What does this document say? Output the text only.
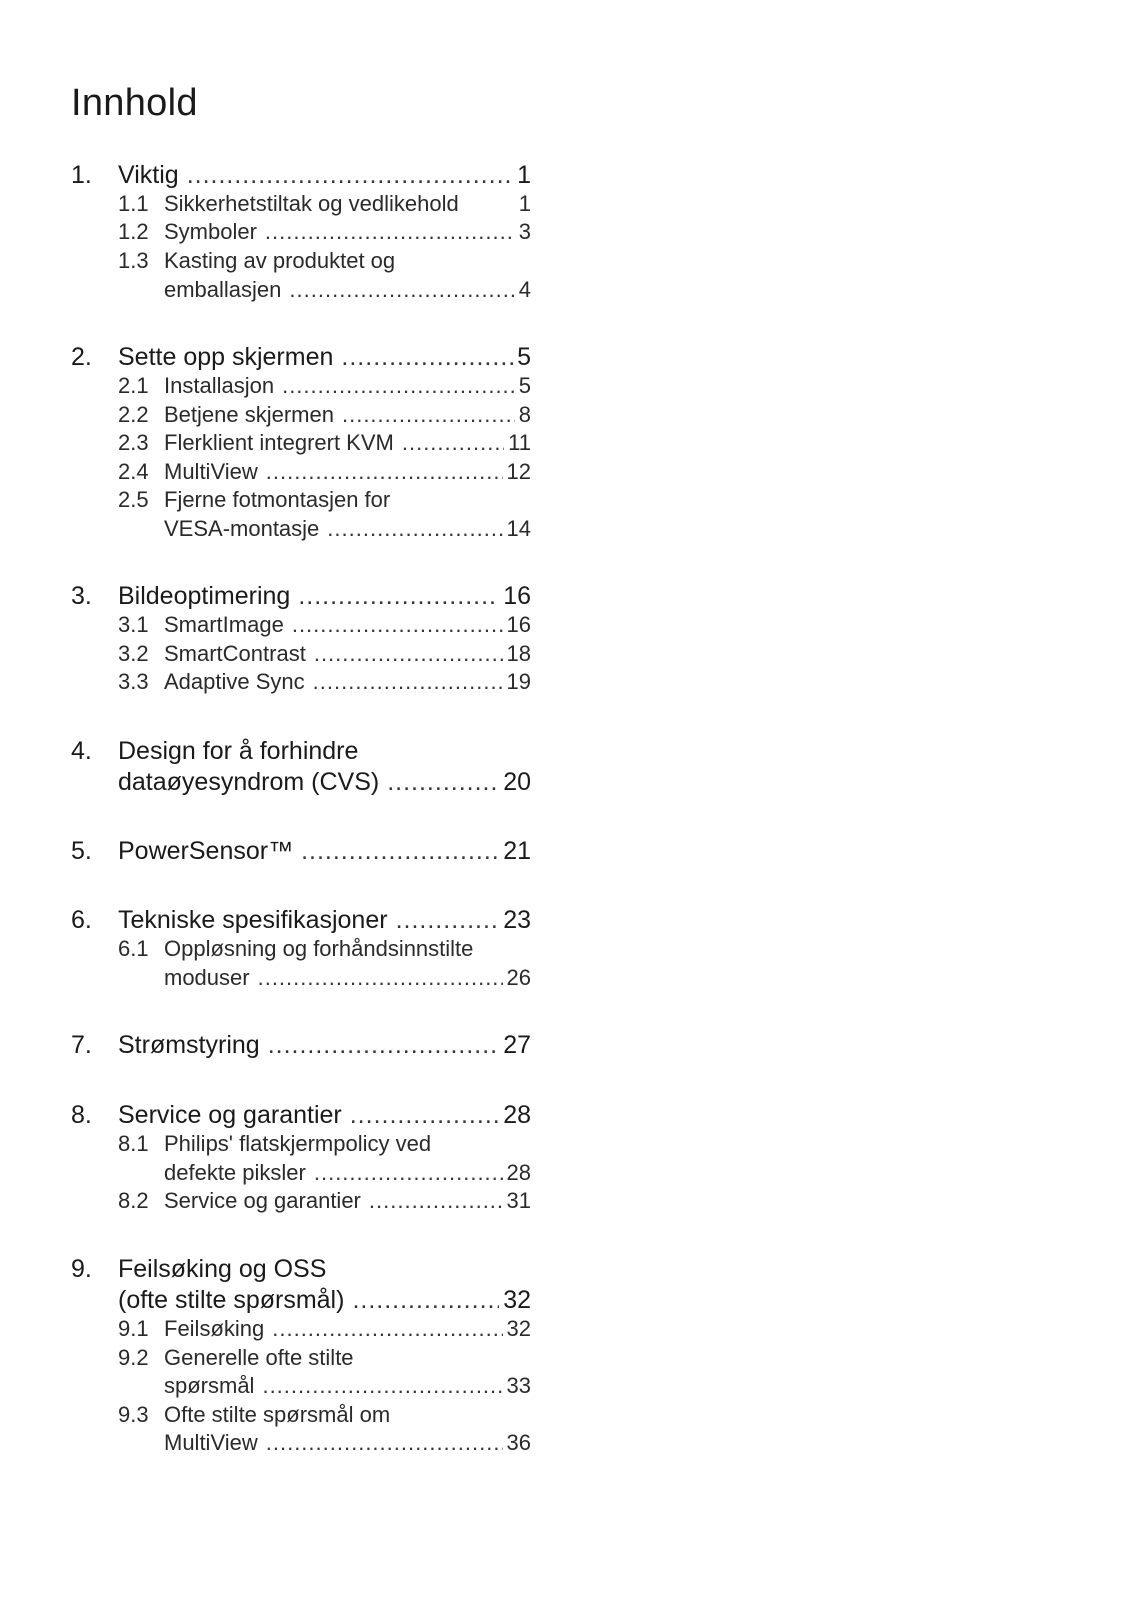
Innhold
1. Viktig .....	1
1.1 Sikkerhetstiltak og vedlikehold	1
1.2 Symboler .....	3
1.3 Kasting av produktet og
emballasjen .....	4
2. Sette opp skjermen .....	5
2.1 Installasjon .....	5
2.2 Betjene skjermen .....	8
2.3 Flerklient integrert KVM .....	11
2.4 MultiView .....	12
2.5 Fjerne fotmontasjen for
VESA-montasje .....	14
3. Bildeoptimering .....	16
3.1 SmartImage .....	16
3.2 SmartContrast .....	18
3.3 Adaptive Sync .....	19
4. Design for å forhindre
dataøyesyndrom (CVS) .....	20
5. PowerSensor™ .....	21
6. Tekniske spesifikasjoner .....	23
6.1 Oppløsning og forhåndsinnstilte
moduser .....	26
7. Strømstyring .....	27
8. Service og garantier .....	28
8.1 Philips' flatskjermpolicy ved
defekte piksler .....	28
8.2 Service og garantier .....	31
9. Feilsøking og OSS
(ofte stilte spørsmål) .....	32
9.1 Feilsøking .....	32
9.2 Generelle ofte stilte
spørsmål .....	33
9.3 Ofte stilte spørsmål om
MultiView .....	36
